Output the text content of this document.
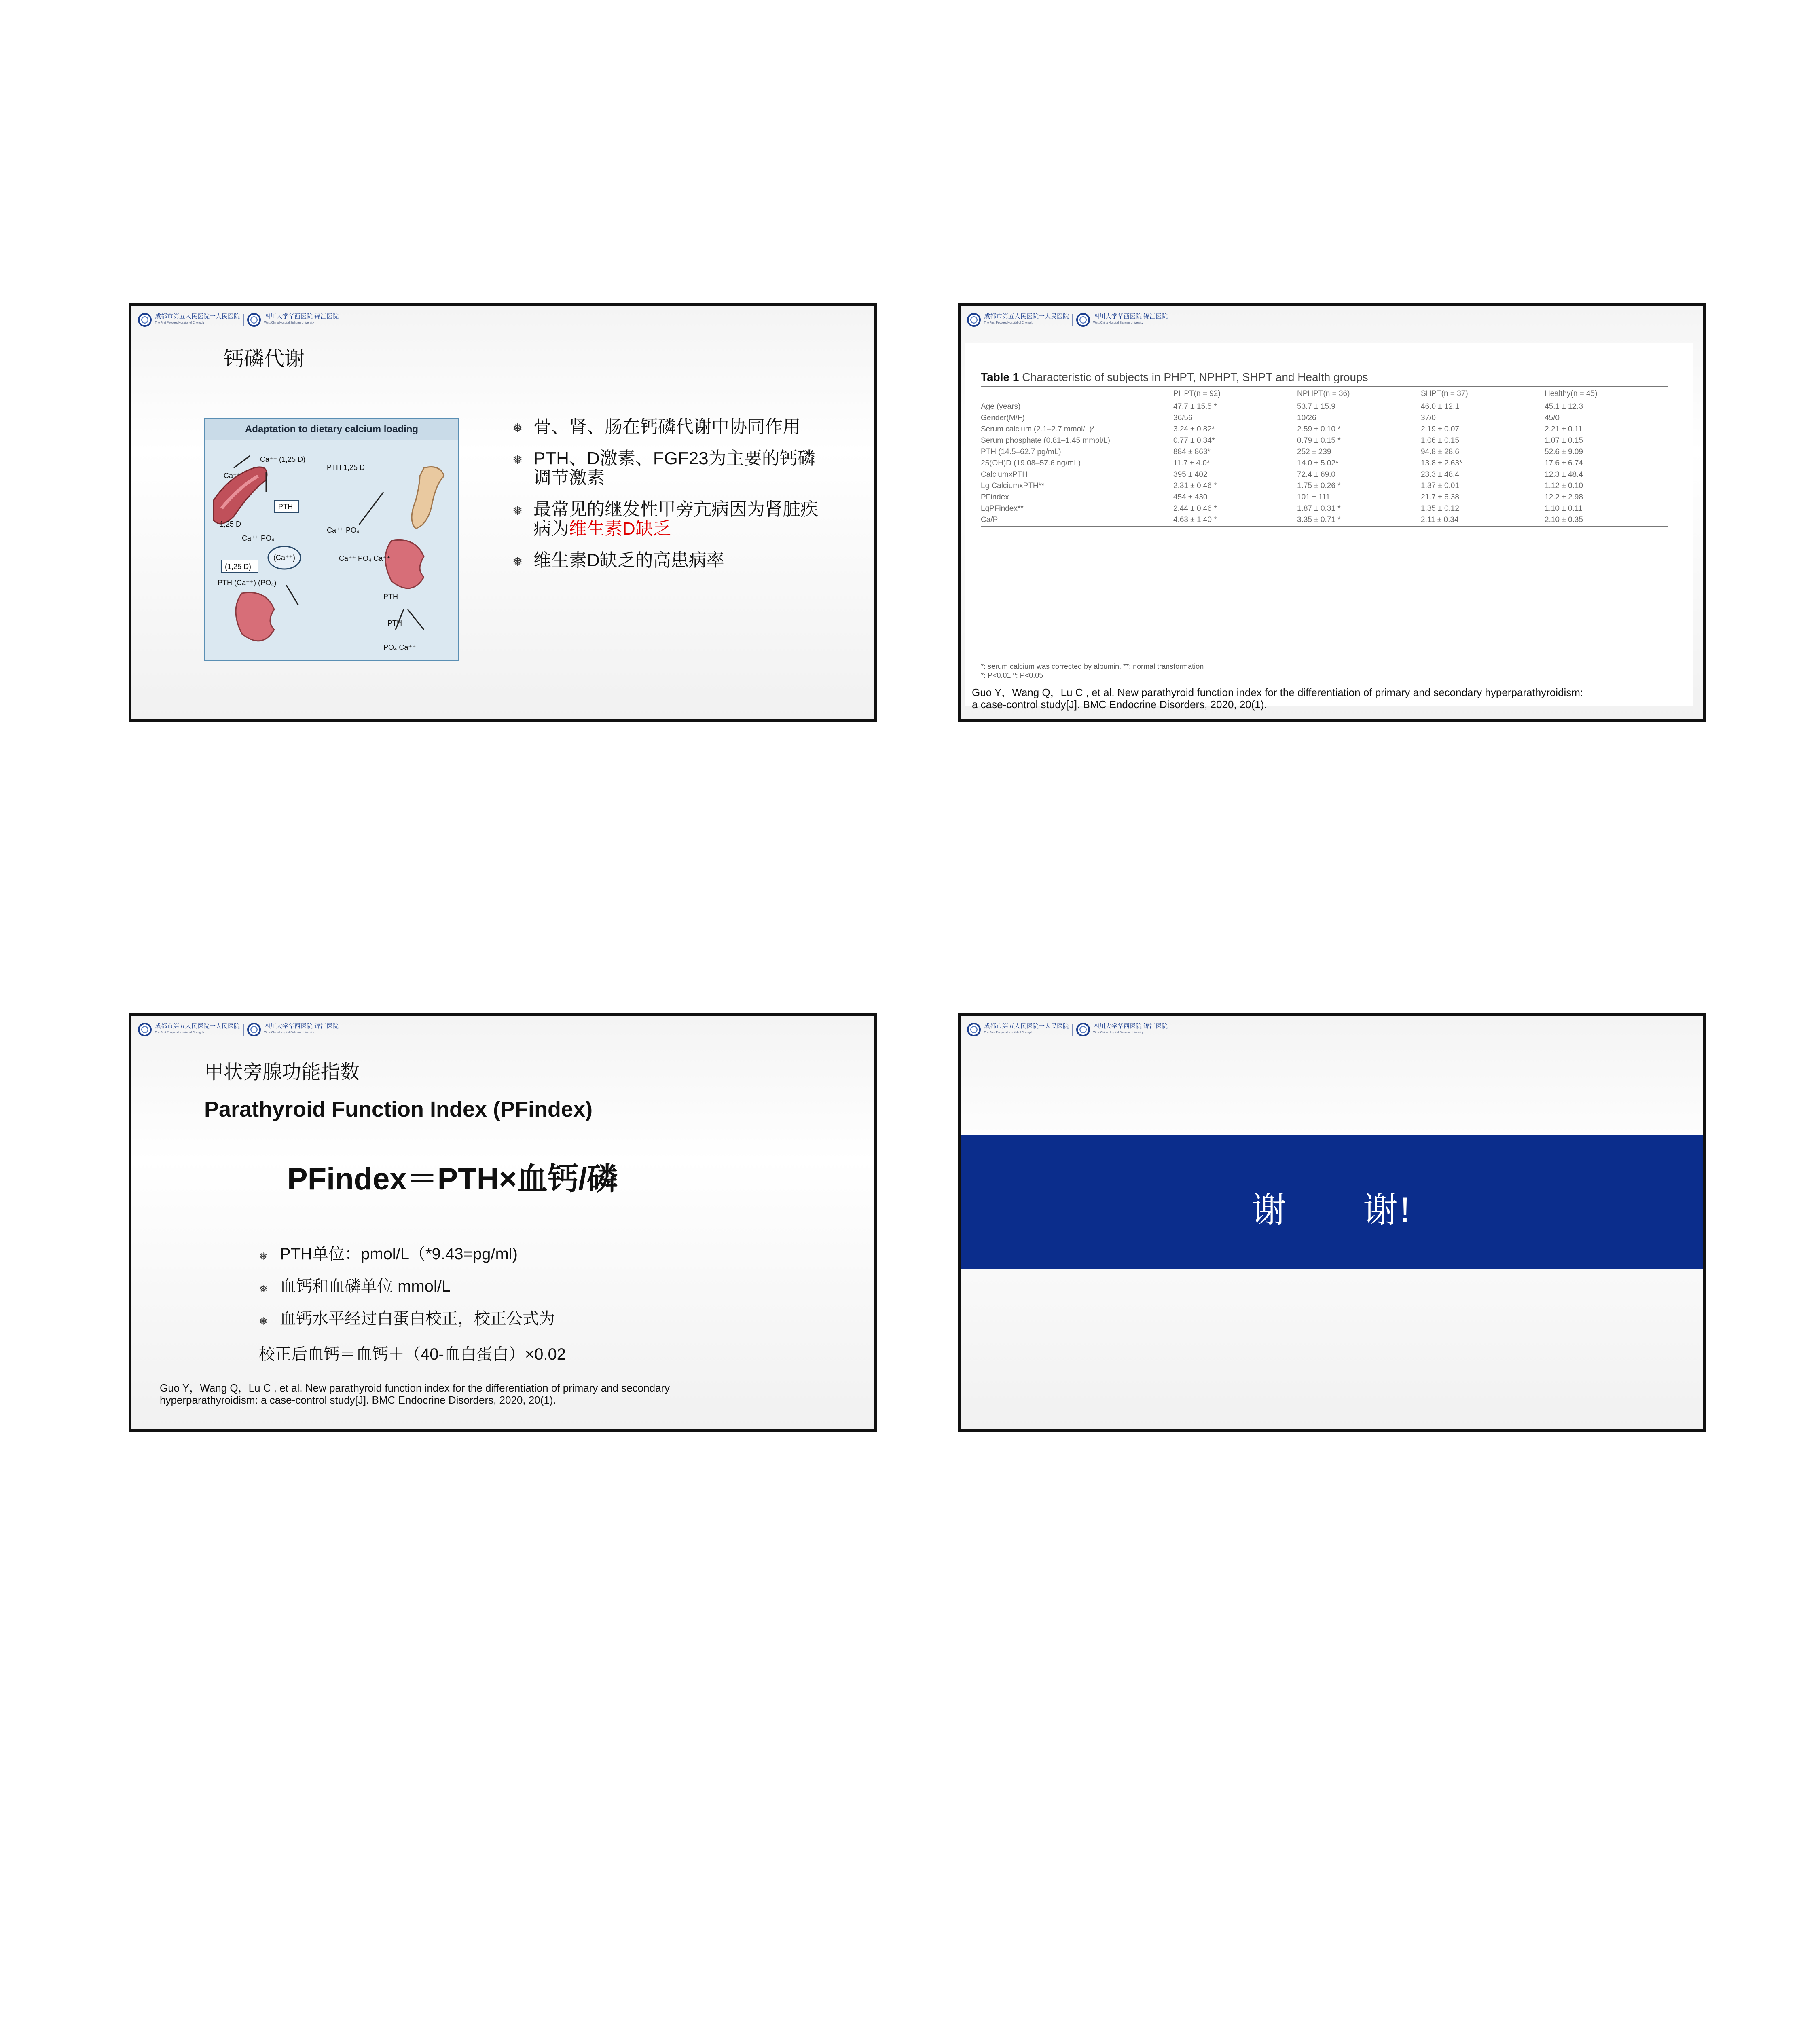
成都市第五人民医院一人民医院
The First People's Hospital of Chengdu
四川大学华西医院 锦江医院
West China Hospital Sichuan University
钙磷代谢
Adaptation to dietary calcium loading
Ca⁺⁺
Ca⁺⁺ (1,25 D)
1,25 D
Ca⁺⁺ PO₄
PTH
PTH 1,25 D
Ca⁺⁺ PO₄
(1,25 D)
(Ca⁺⁺)	Ca⁺⁺ PO₄ Ca⁺⁺
PTH
PTH (Ca⁺⁺) (PO₄)
PTH
PO₄ Ca⁺⁺
❅ 骨、肾、肠在钙磷代谢中协同作用
❅ PTH、D激素、FGF23为主要的钙磷调节激素
❅ 最常见的继发性甲旁亢病因为肾脏疾病为维生素D缺乏
❅ 维生素D缺乏的高患病率
成都市第五人民医院一人民医院
The First People's Hospital of Chengdu
四川大学华西医院 锦江医院
West China Hospital Sichuan University
Table 1 Characteristic of subjects in PHPT, NPHPT, SHPT and Health groups
	PHPT(n = 92)	NPHPT(n = 36)	SHPT(n = 37)	Healthy(n = 45)
Age (years)	47.7 ± 15.5 *	53.7 ± 15.9	46.0 ± 12.1	45.1 ± 12.3
Gender(M/F)	36/56	10/26	37/0	45/0
Serum calcium (2.1–2.7 mmol/L)*	3.24 ± 0.82*	2.59 ± 0.10 *	2.19 ± 0.07	2.21 ± 0.11
Serum phosphate (0.81–1.45 mmol/L)	0.77 ± 0.34*	0.79 ± 0.15 *	1.06 ± 0.15	1.07 ± 0.15
PTH (14.5–62.7 pg/mL)	884 ± 863*	252 ± 239	94.8 ± 28.6	52.6 ± 9.09
25(OH)D (19.08–57.6 ng/mL)	11.7 ± 4.0*	14.0 ± 5.02*	13.8 ± 2.63*	17.6 ± 6.74
CalciumxPTH	395 ± 402	72.4 ± 69.0	23.3 ± 48.4	12.3 ± 48.4
Lg CalciumxPTH**	2.31 ± 0.46 *	1.75 ± 0.26 *	1.37 ± 0.01	1.12 ± 0.10
PFindex	454 ± 430	101 ± 111	21.7 ± 6.38	12.2 ± 2.98
LgPFindex**	2.44 ± 0.46 *	1.87 ± 0.31 *	1.35 ± 0.12	1.10 ± 0.11
Ca/P	4.63 ± 1.40 *	3.35 ± 0.71 *	2.11 ± 0.34	2.10 ± 0.35
*: serum calcium was corrected by albumin. **: normal transformation
*: P<0.01 ⁰: P<0.05
Guo Y，Wang Q，Lu C , et al. New parathyroid function index for the differentiation of primary and secondary hyperparathyroidism: a case-control study[J]. BMC Endocrine Disorders, 2020, 20(1).
成都市第五人民医院一人民医院
The First People's Hospital of Chengdu
四川大学华西医院 锦江医院
West China Hospital Sichuan University
甲状旁腺功能指数
Parathyroid Function Index (PFindex)
PFindex＝PTH×血钙/磷
❅ PTH单位：pmol/L（*9.43=pg/ml)
❅ 血钙和血磷单位 mmol/L
❅ 血钙水平经过白蛋白校正，校正公式为
校正后血钙＝血钙＋（40-血白蛋白）×0.02
Guo Y，Wang Q，Lu C , et al. New parathyroid function index for the differentiation of primary and secondary hyperparathyroidism: a case-control study[J]. BMC Endocrine Disorders, 2020, 20(1).
成都市第五人民医院一人民医院
The First People's Hospital of Chengdu
四川大学华西医院 锦江医院
West China Hospital Sichuan University
谢　　谢!
